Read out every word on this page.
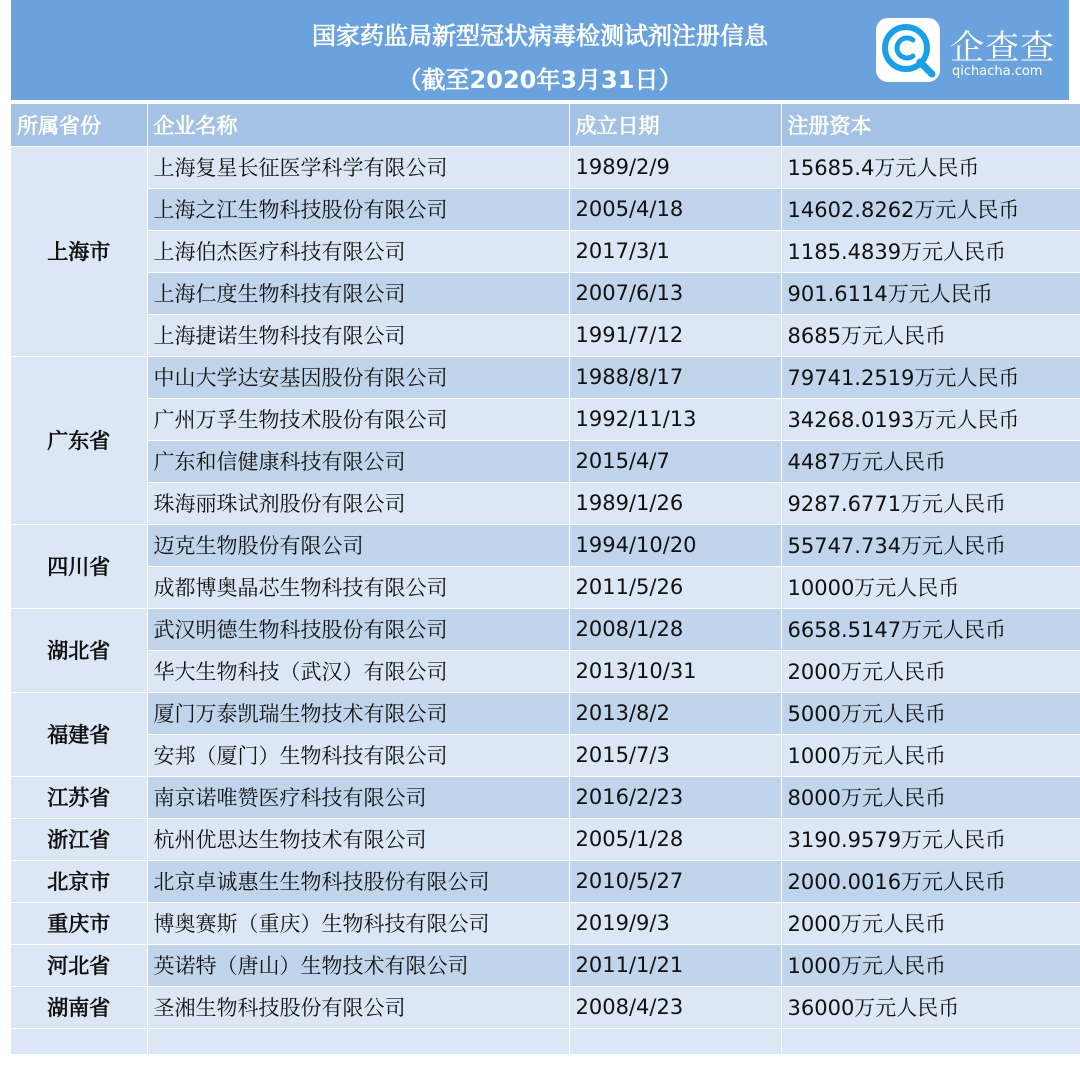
国家药监局新型冠状病毒检测试剂注册信息
（截至2020年3月31日）
企查查
qichacha.com
所属省份	企业名称	成立日期	注册资本
上海市	上海复星长征医学科学有限公司	1989/2/9	15685.4万元人民币
	上海之江生物科技股份有限公司	2005/4/18	14602.8262万元人民币
	上海伯杰医疗科技有限公司	2017/3/1	1185.4839万元人民币
	上海仁度生物科技有限公司	2007/6/13	901.6114万元人民币
	上海捷诺生物科技有限公司	1991/7/12	8685万元人民币
广东省	中山大学达安基因股份有限公司	1988/8/17	79741.2519万元人民币
	广州万孚生物技术股份有限公司	1992/11/13	34268.0193万元人民币
	广东和信健康科技有限公司	2015/4/7	4487万元人民币
	珠海丽珠试剂股份有限公司	1989/1/26	9287.6771万元人民币
四川省	迈克生物股份有限公司	1994/10/20	55747.734万元人民币
	成都博奥晶芯生物科技有限公司	2011/5/26	10000万元人民币
湖北省	武汉明德生物科技股份有限公司	2008/1/28	6658.5147万元人民币
	华大生物科技（武汉）有限公司	2013/10/31	2000万元人民币
福建省	厦门万泰凯瑞生物技术有限公司	2013/8/2	5000万元人民币
	安邦（厦门）生物科技有限公司	2015/7/3	1000万元人民币
江苏省	南京诺唯赞医疗科技有限公司	2016/2/23	8000万元人民币
浙江省	杭州优思达生物技术有限公司	2005/1/28	3190.9579万元人民币
北京市	北京卓诚惠生生物科技股份有限公司	2010/5/27	2000.0016万元人民币
重庆市	博奥赛斯（重庆）生物科技有限公司	2019/9/3	2000万元人民币
河北省	英诺特（唐山）生物技术有限公司	2011/1/21	1000万元人民币
湖南省	圣湘生物科技股份有限公司	2008/4/23	36000万元人民币
